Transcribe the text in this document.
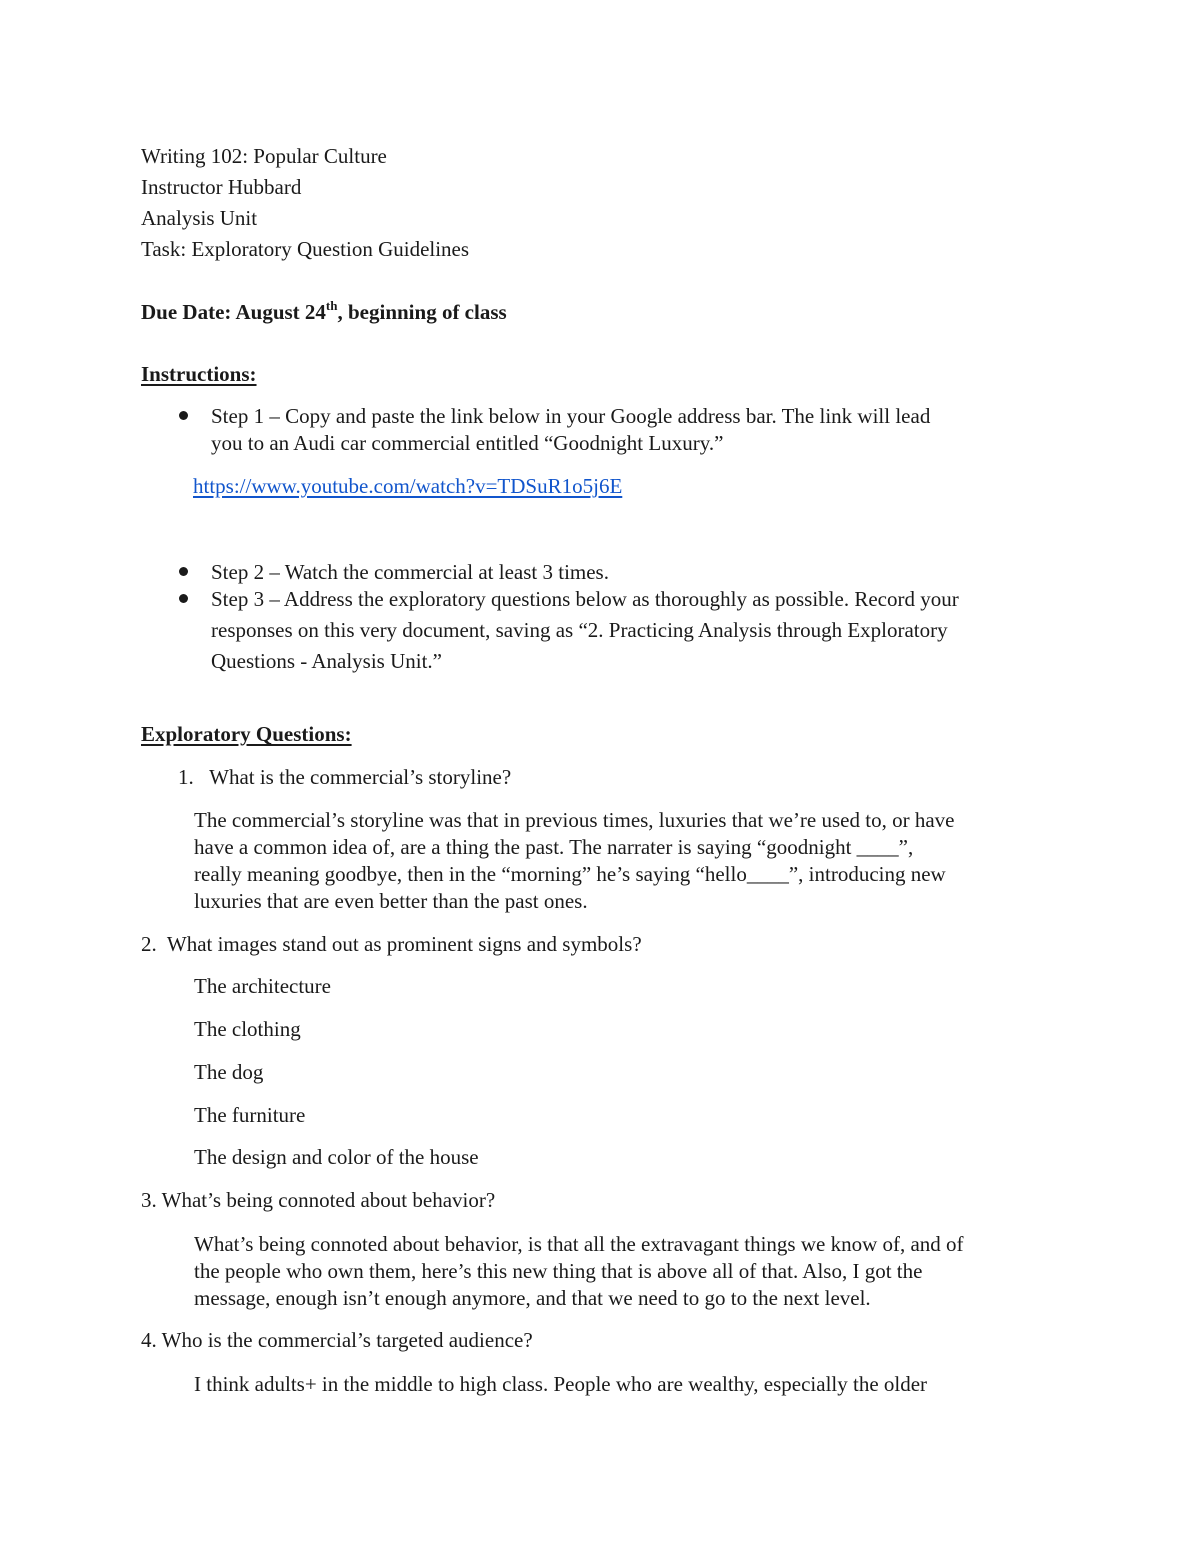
Writing 102: Popular Culture
Instructor Hubbard
Analysis Unit
Task: Exploratory Question Guidelines
Due Date: August 24th, beginning of class
Instructions:
Step 1 – Copy and paste the link below in your Google address bar. The link will lead
you to an Audi car commercial entitled “Goodnight Luxury.”
https://www.youtube.com/watch?v=TDSuR1o5j6E
Step 2 – Watch the commercial at least 3 times.
Step 3 – Address the exploratory questions below as thoroughly as possible. Record your
responses on this very document, saving as “2. Practicing Analysis through Exploratory
Questions - Analysis Unit.”
Exploratory Questions:
1.   What is the commercial’s storyline?
The commercial’s storyline was that in previous times, luxuries that we’re used to, or have
have a common idea of, are a thing the past. The narrater is saying “goodnight ____”,
really meaning goodbye, then in the “morning” he’s saying “hello____”, introducing new
luxuries that are even better than the past ones.
2.  What images stand out as prominent signs and symbols?
The architecture
The clothing
The dog
The furniture
The design and color of the house
3. What’s being connoted about behavior?
What’s being connoted about behavior, is that all the extravagant things we know of, and of
the people who own them, here’s this new thing that is above all of that. Also, I got the
message, enough isn’t enough anymore, and that we need to go to the next level.
4. Who is the commercial’s targeted audience?
I think adults+ in the middle to high class. People who are wealthy, especially the older
